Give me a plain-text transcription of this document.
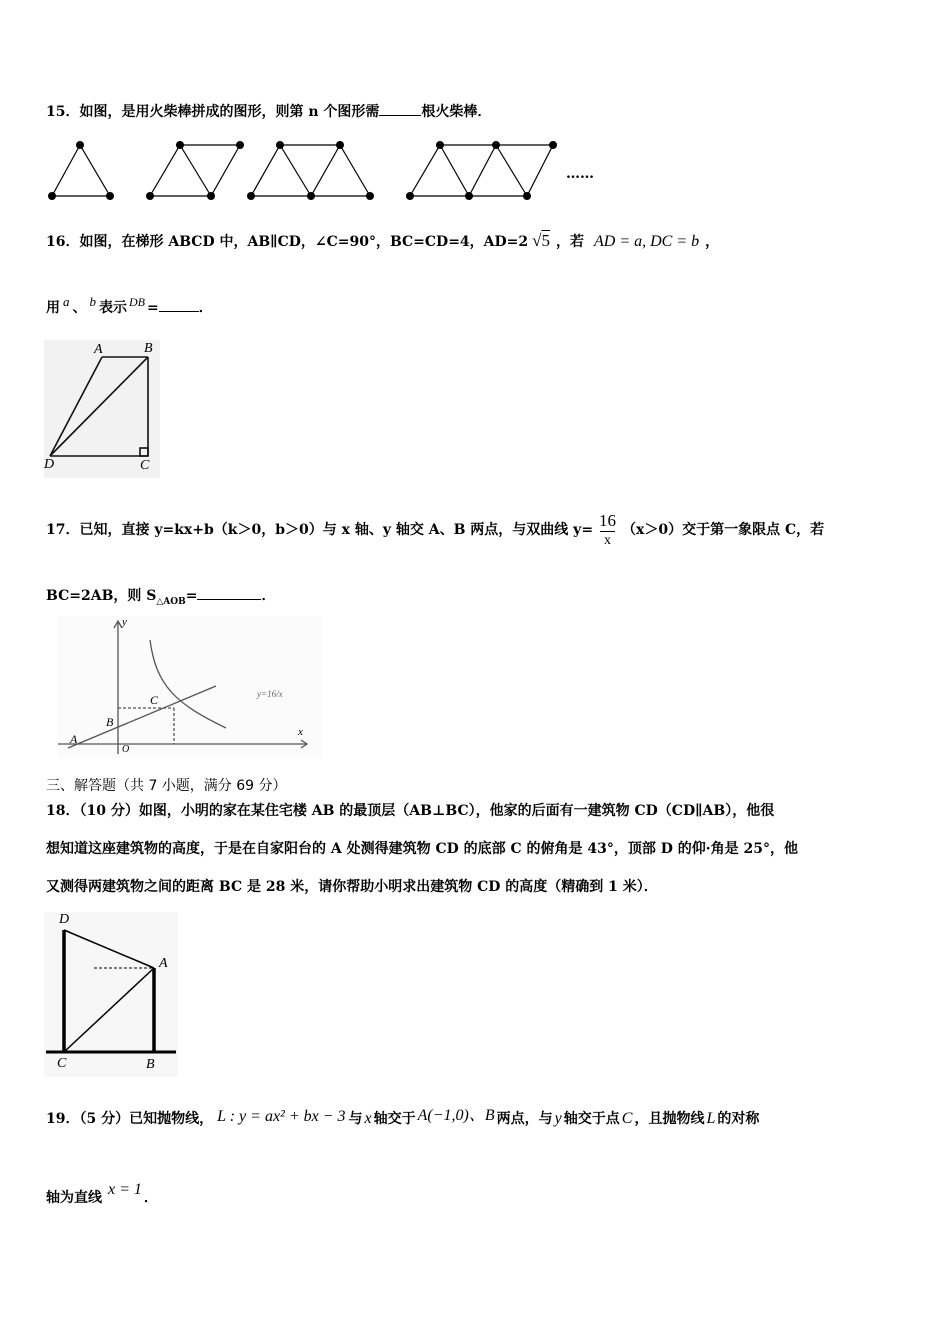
15．如图，是用火柴棒拼成的图形，则第 n 个图形需	根火柴棒．
……
16．如图，在梯形 ABCD 中，AB∥CD，∠C=90°，BC=CD=4，AD=2 √5 ，若 AD = a, DC = b ，
用 a 、 b 表示 DB =	．
A	B
D	C
17．已知，直接 y=kx+b（k＞0，b＞0）与 x 轴、y 轴交 A、B 两点，与双曲线 $y= \frac{16}{x} (x>0)$交于第一象限点 C，若
BC=2AB，则 $S_{\triangle AOB}=$	．
y
x
C
B
A
O
y=16/x
三、解答题（共 7 小题，满分 69 分）
18．（10 分）如图，小明的家在某住宅楼 AB 的最顶层（AB⊥BC），他家的后面有一建筑物 CD（CD∥AB），他很
想知道这座建筑物的高度，于是在自家阳台的 A 处测得建筑物 CD 的底部 C 的俯角是 43°，顶部 D 的仰·角是 25°，他
又测得两建筑物之间的距离 BC 是 28 米，请你帮助小明求出建筑物 CD 的高度（精确到 1 米）．
D
A
C	B
19．（5 分）已知抛物线， L : y = ax² + bx − 3 与 x 轴交于 A(−1,0)、B 两点，与 y 轴交于点 C ，且抛物线 L 的对称
轴为直线 x = 1 ．
